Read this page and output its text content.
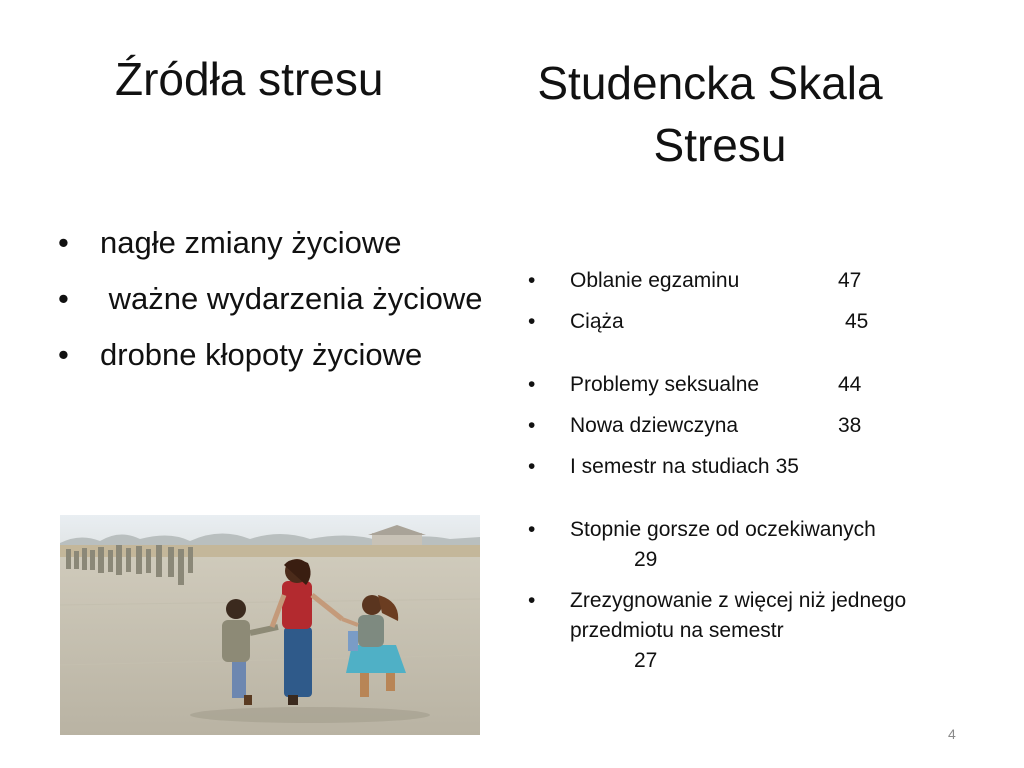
Źródła stresu	Studencka Skala
Stresu
•	nagłe zmiany życiowe
•	ważne wydarzenia życiowe
•	drobne kłopoty życiowe
•	Oblanie egzaminu	47
•	Ciąża	45
•	Problemy seksualne	44
•	Nowa dziewczyna	38
•	I semestr na studiach 35
•	Stopnie gorsze od oczekiwanych
29
•	Zrezygnowanie z więcej niż jednego przedmiotu na semestr
27
4
